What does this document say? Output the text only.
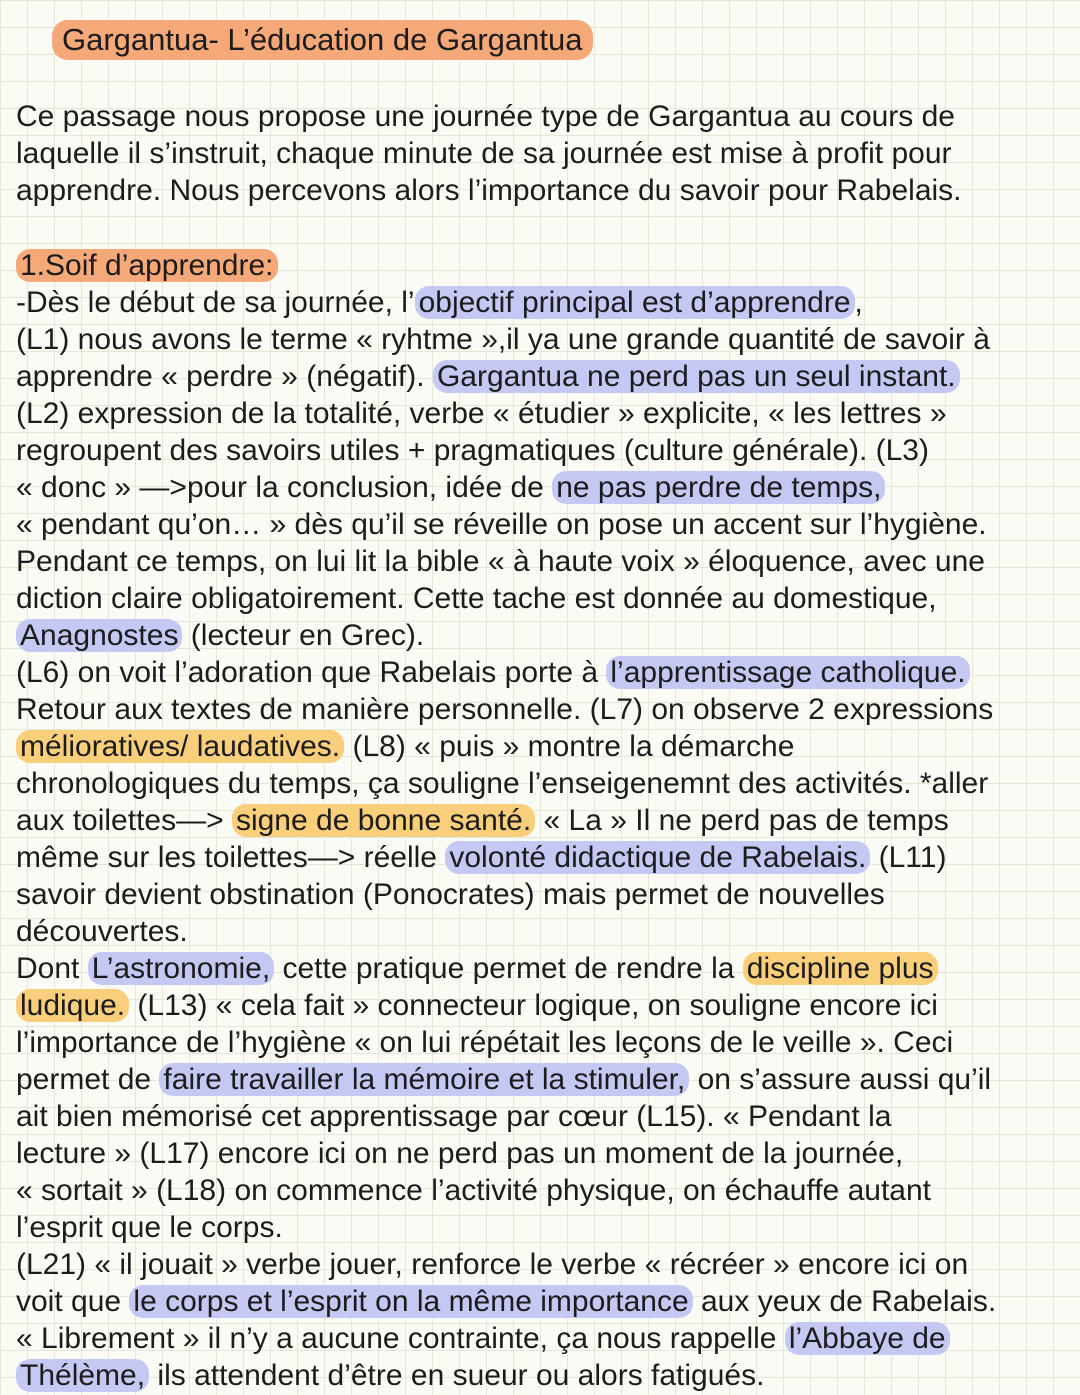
Gargantua- L’éducation de Gargantua
Ce passage nous propose une journée type de Gargantua au cours de
laquelle il s’instruit, chaque minute de sa journée est mise à profit pour
apprendre. Nous percevons alors l’importance du savoir pour Rabelais.
1.Soif d’apprendre:
-Dès le début de sa journée, l’ objectif principal est d’apprendre ,
(L1) nous avons le terme « ryhtme »,il ya une grande quantité de savoir à
apprendre « perdre » (négatif). Gargantua ne perd pas un seul instant.
(L2) expression de la totalité, verbe « étudier » explicite, « les lettres »
regroupent des savoirs utiles + pragmatiques (culture générale). (L3)
« donc » —>pour la conclusion, idée de ne pas perdre de temps,
« pendant qu’on… » dès qu’il se réveille on pose un accent sur l’hygiène.
Pendant ce temps, on lui lit la bible « à haute voix » éloquence, avec une
diction claire obligatoirement. Cette tache est donnée au domestique,
Anagnostes (lecteur en Grec).
(L6) on voit l’adoration que Rabelais porte à l’apprentissage catholique.
Retour aux textes de manière personnelle. (L7) on observe 2 expressions
mélioratives/ laudatives. (L8) « puis » montre la démarche
chronologiques du temps, ça souligne l’enseigenemnt des activités. *aller
aux toilettes—> signe de bonne santé. « La » Il ne perd pas de temps
même sur les toilettes—> réelle volonté didactique de Rabelais. (L11)
savoir devient obstination (Ponocrates) mais permet de nouvelles
découvertes.
Dont L’astronomie, cette pratique permet de rendre la discipline plus
ludique. (L13) « cela fait » connecteur logique, on souligne encore ici
l’importance de l’hygiène « on lui répétait les leçons de le veille ». Ceci
permet de faire travailler la mémoire et la stimuler, on s’assure aussi qu’il
ait bien mémorisé cet apprentissage par cœur (L15). « Pendant la
lecture » (L17) encore ici on ne perd pas un moment de la journée,
« sortait » (L18) on commence l’activité physique, on échauffe autant
l’esprit que le corps.
(L21) « il jouait » verbe jouer, renforce le verbe « récréer » encore ici on
voit que le corps et l’esprit on la même importance aux yeux de Rabelais.
« Librement » il n’y a aucune contrainte, ça nous rappelle l’Abbaye de
Thélème, ils attendent d’être en sueur ou alors fatigués.
